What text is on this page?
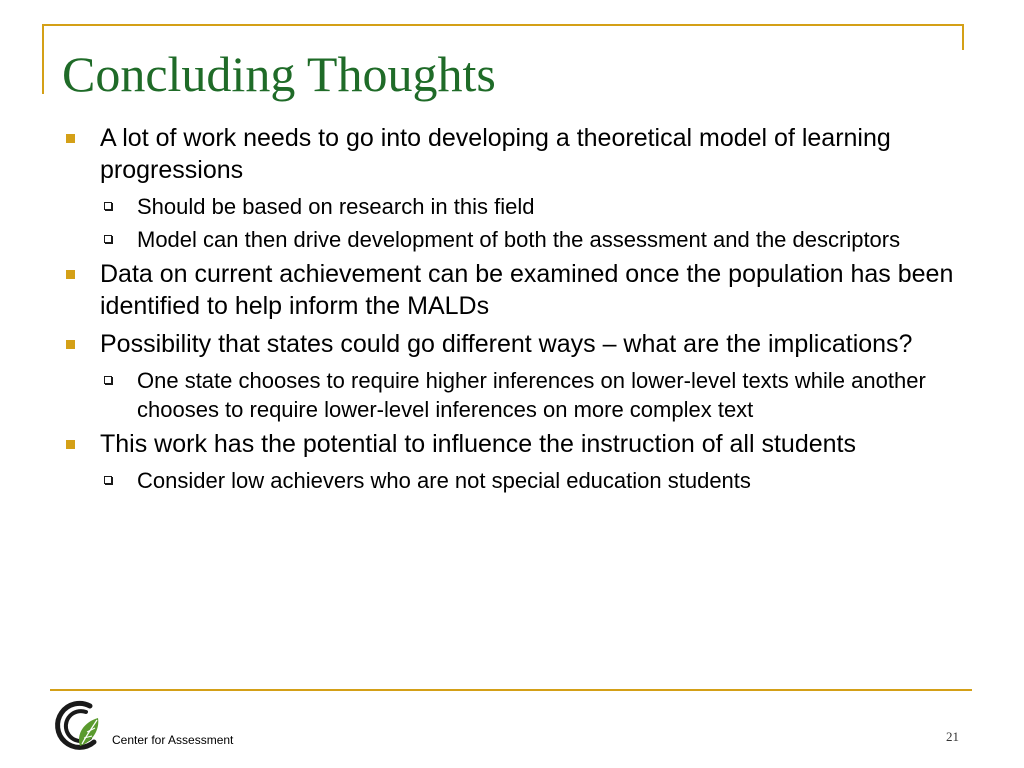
Concluding Thoughts
A lot of work needs to go into developing a theoretical model of learning progressions
Should be based on research in this field
Model can then drive development of both the assessment and the descriptors
Data on current achievement can be examined once the population has been identified to help inform the MALDs
Possibility that states could go different ways – what are the implications?
One state chooses to require higher inferences on lower-level texts while another chooses to require lower-level inferences on more complex text
This work has the potential to influence the instruction of all students
Consider low achievers who are not special education students
Center for Assessment	21
